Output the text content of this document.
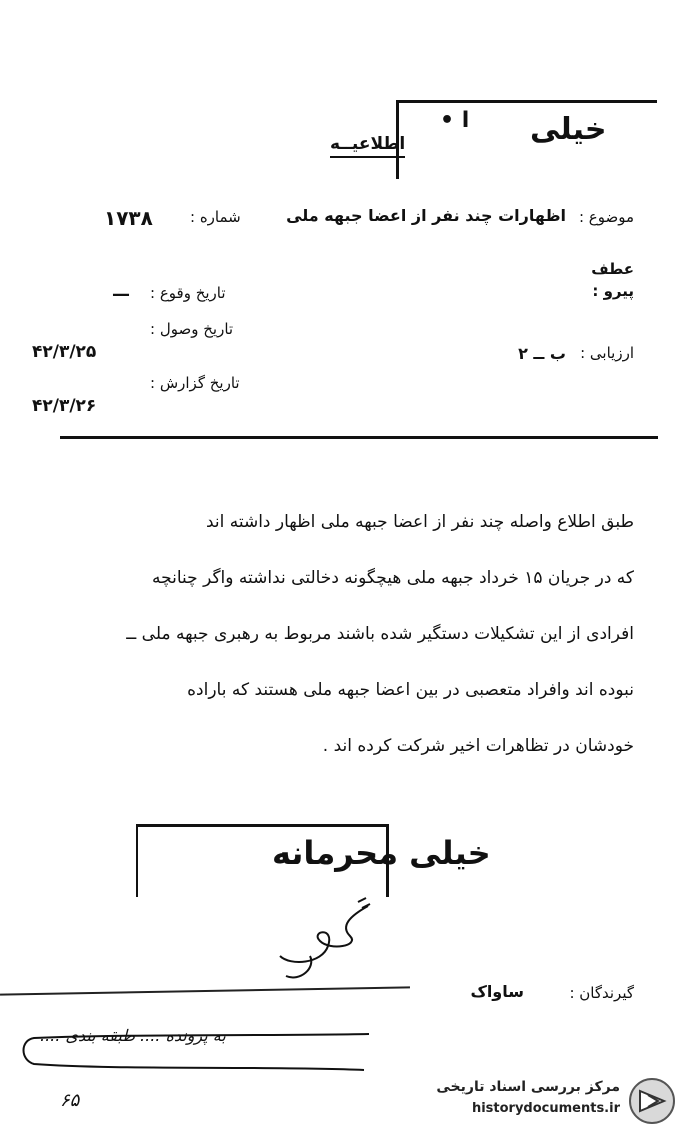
خیلی
• ا
اطلاعیــه
موضوع :
اظهارات چند نفر از اعضا جبهه ملی
شماره :
۱۷۳۸
عطف
پیرو :
تاریخ وقوع :
—
تاریخ وصول :
۴۲/۳/۲۵
تاریخ گزارش :
۴۲/۳/۲۶
ارزیابی :
ب ــ ۲
طبق اطلاع واصله چند نفر از اعضا جبهه ملی اظهار داشته اند
که در جریان ۱۵ خرداد جبهه ملی هیچگونه دخالتی نداشته واگر چنانچه
افرادی از این تشکیلات دستگیر شده باشند مربوط به رهبری جبهه ملی ــ
نبوده اند وافراد متعصبی در بین اعضا جبهه ملی هستند که باراده
خودشان در تظاهرات اخیر شرکت کرده اند .
خیلی محرمانه
گیرندگان :
ساواک
به پرونده .... طبقه بندی ....
۶۵
مرکز بررسی اسناد تاریخی
historydocuments.ir
